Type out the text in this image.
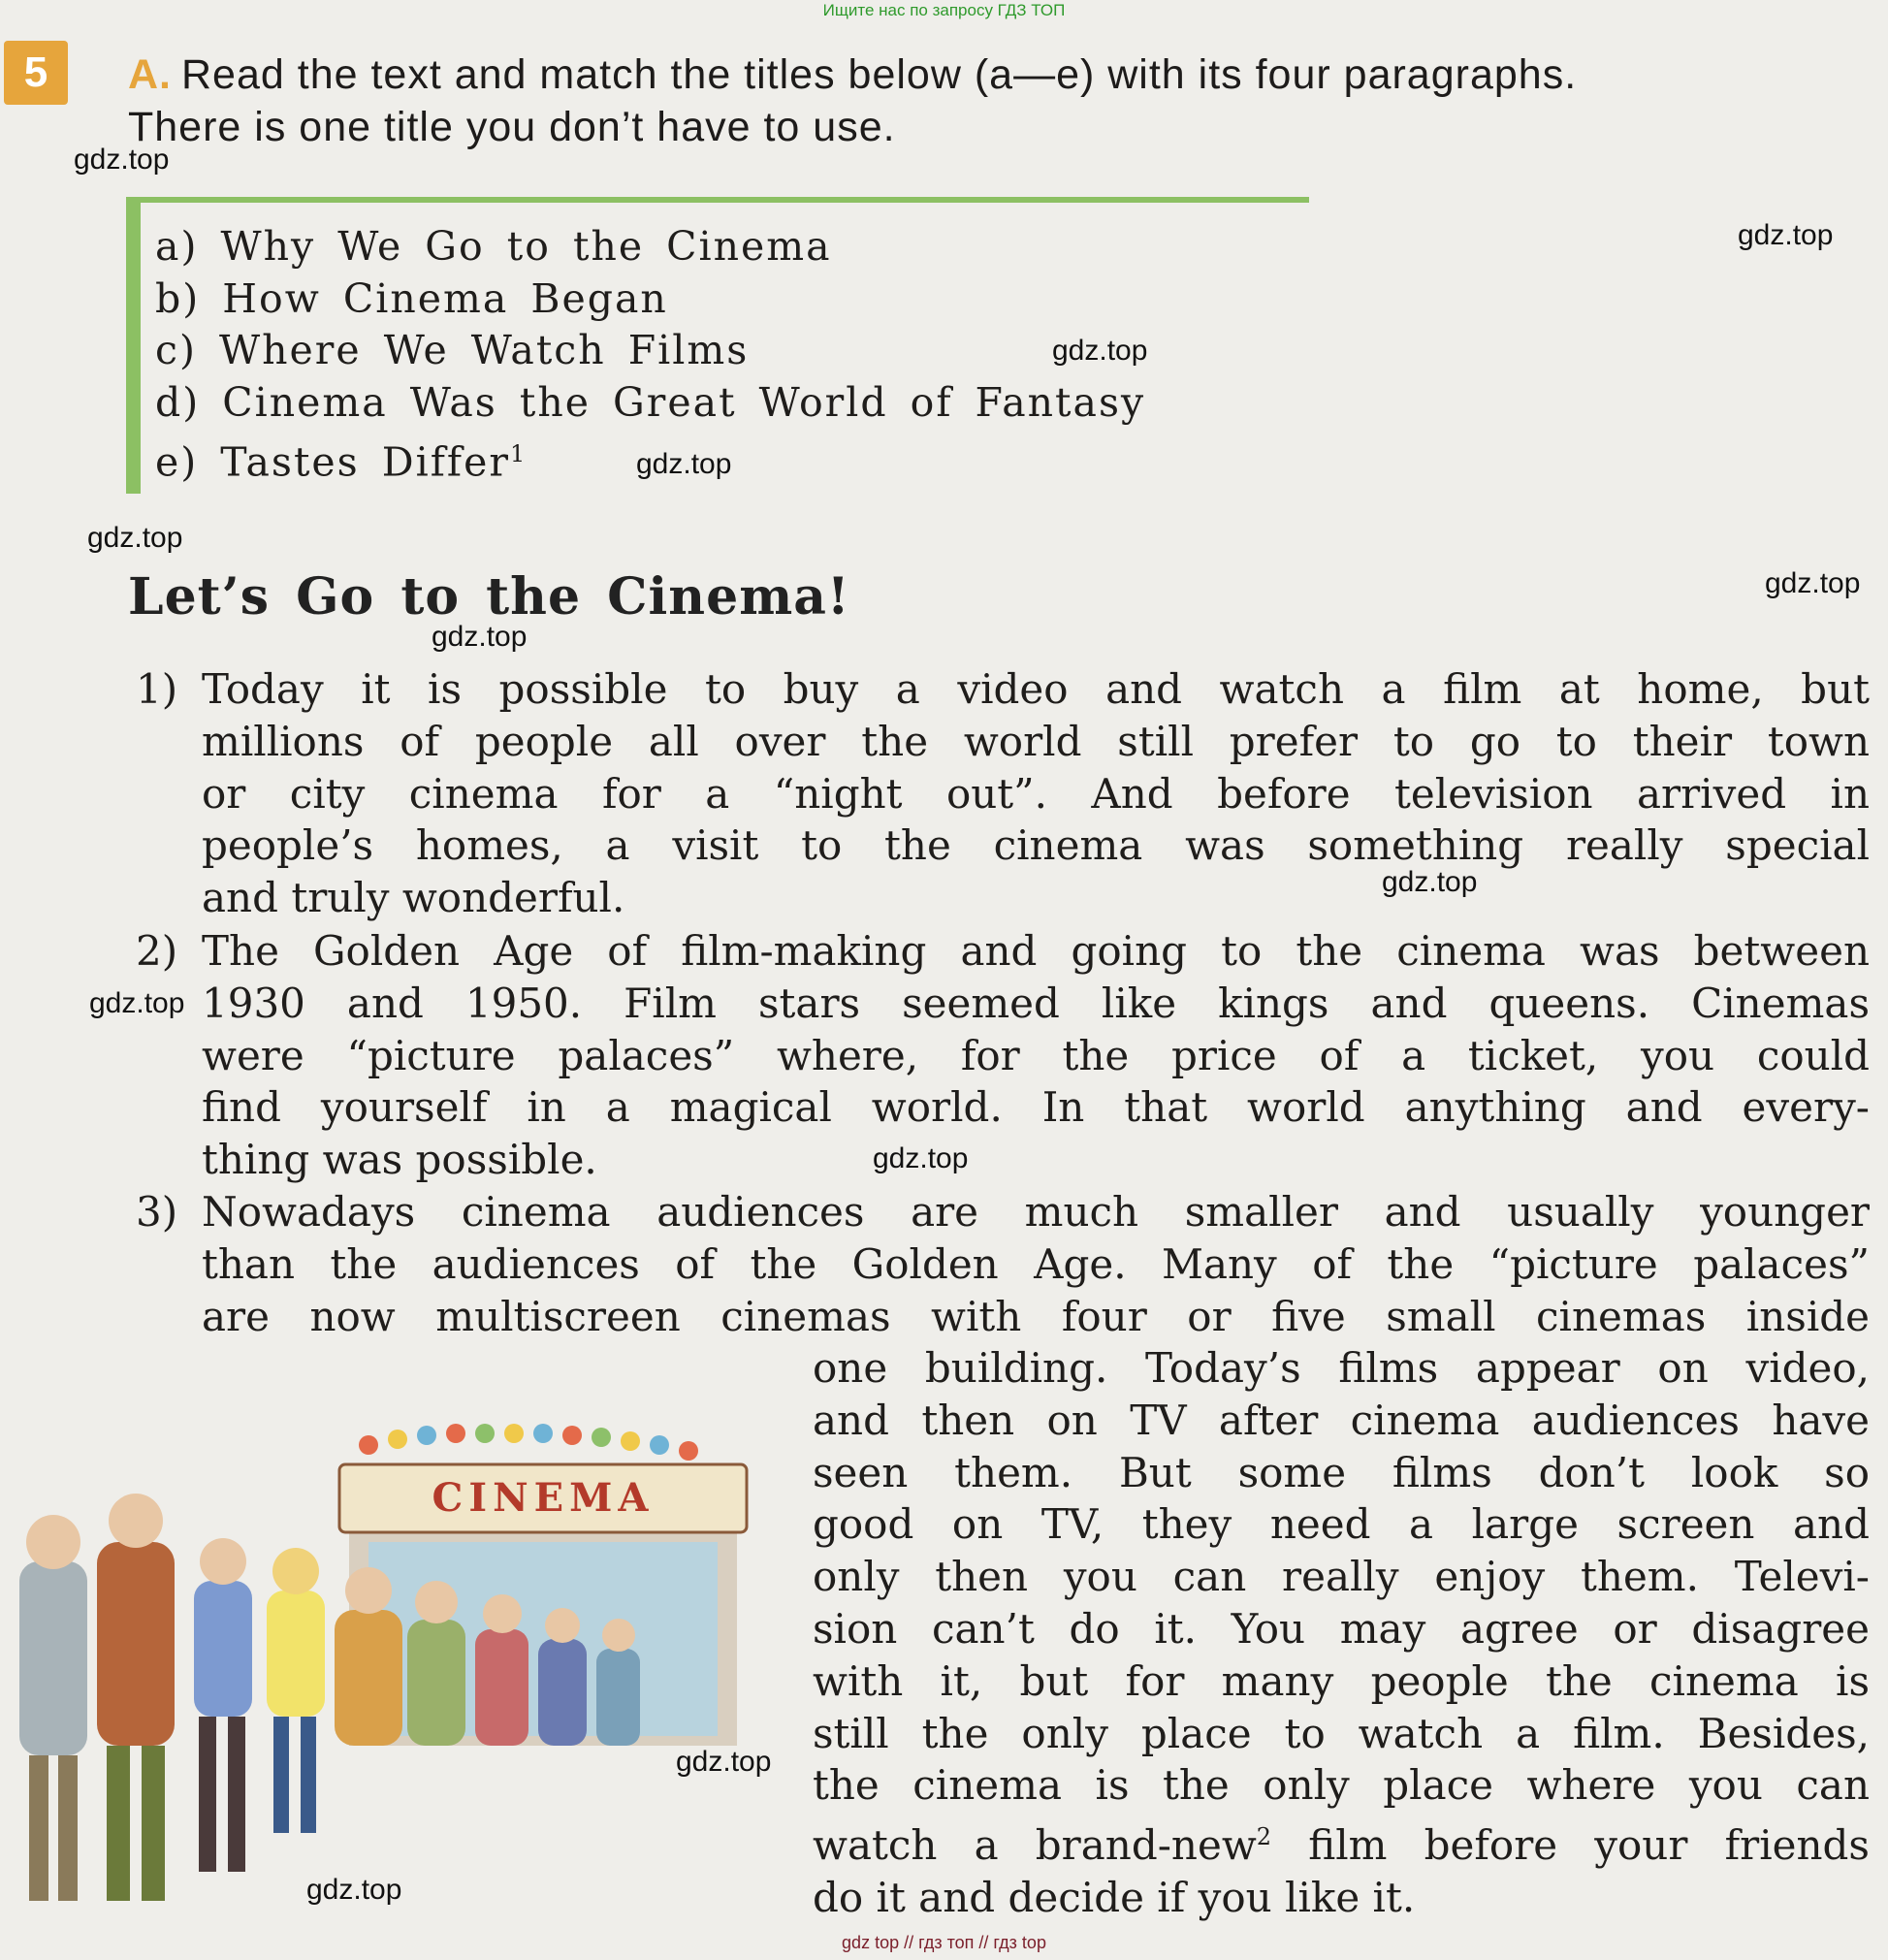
Ищите нас по запросу ГДЗ ТОП
5	A. Read the text and match the titles below (a—e) with its four paragraphs.
There is one title you don’t have to use.
a) Why We Go to the Cinema
b) How Cinema Began
c) Where We Watch Films
d) Cinema Was the Great World of Fantasy
e) Tastes Differ$^1$
Let’s Go to the Cinema!
1) Today it is possible to buy a video and watch a film at home, but
millions of people all over the world still prefer to go to their town
or city cinema for a “night out”. And before television arrived in
people’s homes, a visit to the cinema was something really special
and truly wonderful.
2) The Golden Age of film-making and going to the cinema was between
1930 and 1950. Film stars seemed like kings and queens. Cinemas
were “picture palaces” where, for the price of a ticket, you could
find yourself in a magical world. In that world anything and every-
thing was possible.
3) Nowadays cinema audiences are much smaller and usually younger
than the audiences of the Golden Age. Many of the “picture palaces”
are now multiscreen cinemas with four or five small cinemas inside
one building. Today’s films appear on video,
and then on TV after cinema audiences have
seen them. But some films don’t look so
good on TV, they need a large screen and
only then you can really enjoy them. Televi-
sion can’t do it. You may agree or disagree
with it, but for many people the cinema is
still the only place to watch a film. Besides,
the cinema is the only place where you can
watch a brand-new$^2$ film before your friends
do it and decide if you like it.
CINEMA
gdz.top
gdz.top
gdz.top
gdz.top
gdz.top
gdz.top
gdz.top
gdz.top
gdz.top
gdz.top
gdz.top
gdz.top
gdz top // гдз топ // гдз top
